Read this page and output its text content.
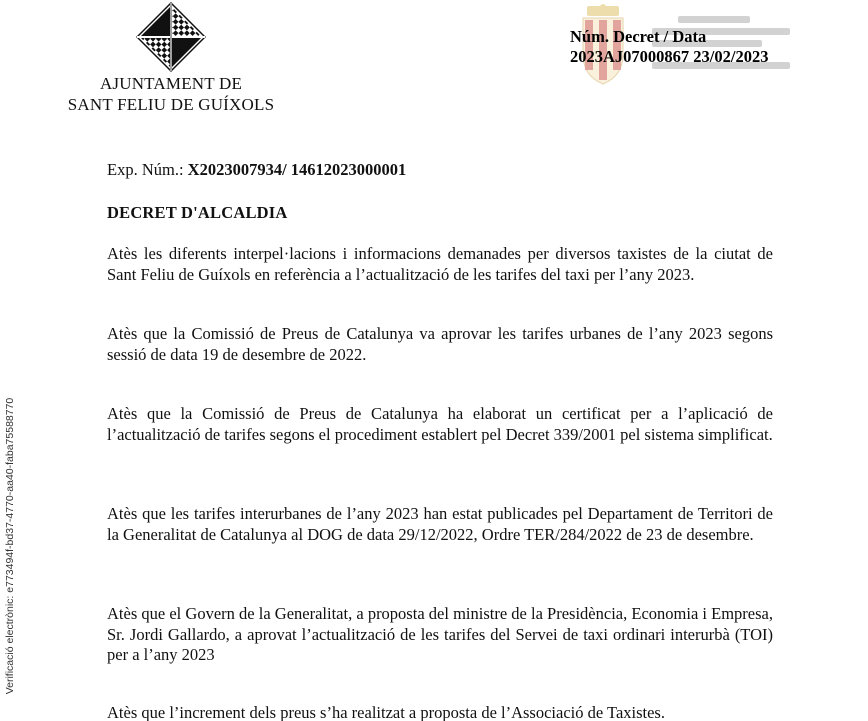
AJUNTAMENT DE
SANT FELIU DE GUÍXOLS
Núm. Decret / Data
2023AJ07000867 23/02/2023
Verificació electrònic: e773494f-bd37-4770-aa40-faba75588770
Exp. Núm.: X2023007934/ 14612023000001
DECRET D'ALCALDIA
Atès les diferents interpel·lacions i informacions demanades per diversos taxistes de la ciutat de Sant Feliu de Guíxols en referència a l’actualització de les tarifes del taxi per l’any 2023.
Atès que la Comissió de Preus de Catalunya va aprovar les tarifes urbanes de l’any 2023 segons sessió de data 19 de desembre de 2022.
Atès que la Comissió de Preus de Catalunya ha elaborat un certificat per a l’aplicació de l’actualització de tarifes segons el procediment establert pel Decret 339/2001 pel sistema simplificat.
Atès que les tarifes interurbanes de l’any 2023 han estat publicades pel Departament de Territori de la Generalitat de Catalunya al DOG de data 29/12/2022, Ordre TER/284/2022 de 23 de desembre.
Atès que el Govern de la Generalitat, a proposta del ministre de la Presidència, Economia i Empresa, Sr. Jordi Gallardo, a aprovat l’actualització de les tarifes del Servei de taxi ordinari interurbà (TOI) per a l’any 2023
Atès que l’increment dels preus s’ha realitzat a proposta de l’Associació de Taxistes.
